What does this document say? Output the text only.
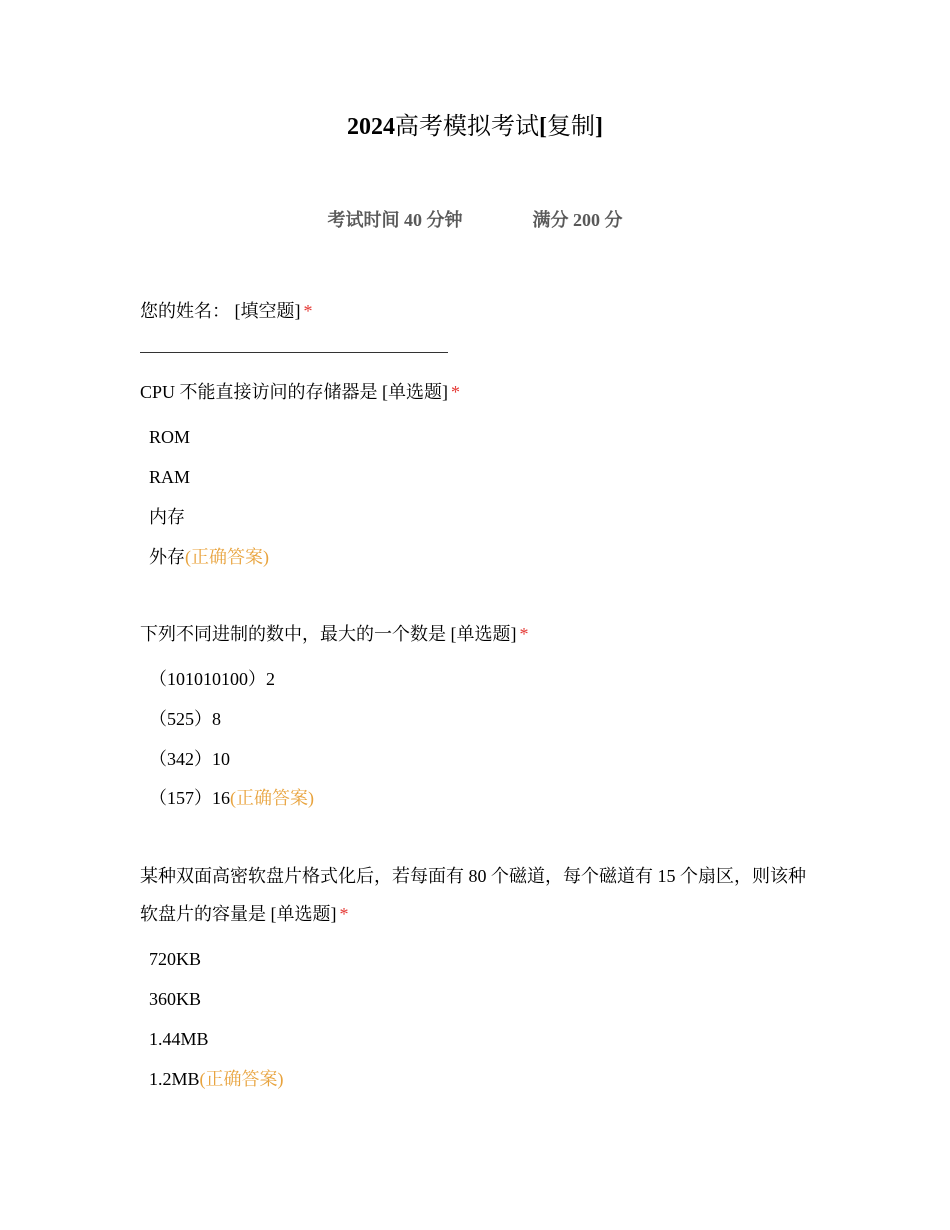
2024高考模拟考试[复制]
考试时间 40 分钟	满分 200 分
您的姓名： [填空题] *
CPU 不能直接访问的存储器是 [单选题] *
ROM
RAM
内存
外存(正确答案)
下列不同进制的数中，最大的一个数是 [单选题] *
（101010100）2
（525）8
（342）10
（157）16(正确答案)
某种双面高密软盘片格式化后，若每面有 80 个磁道，每个磁道有 15 个扇区，则该种软盘片的容量是 [单选题] *
720KB
360KB
1.44MB
1.2MB(正确答案)
